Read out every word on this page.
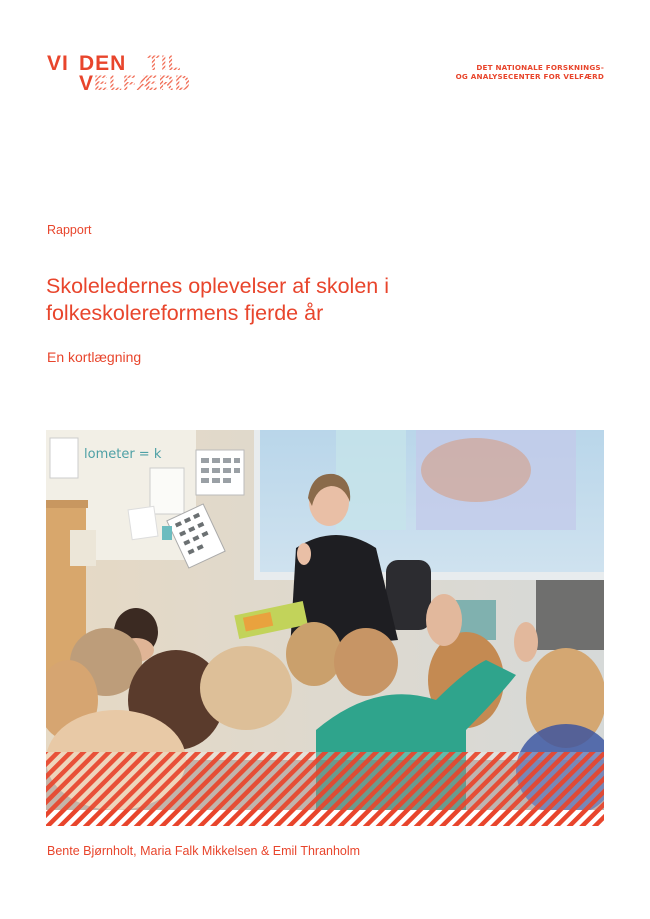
VI DEN
V
TIL
ELFÆRD
DET NATIONALE FORSKNINGS-
OG ANALYSECENTER FOR VELFÆRD
Rapport
Skoleledernes oplevelser af skolen i
folkeskolereformens fjerde år
En kortlægning
lometer = k
Bente Bjørnholt, Maria Falk Mikkelsen & Emil Thranholm
